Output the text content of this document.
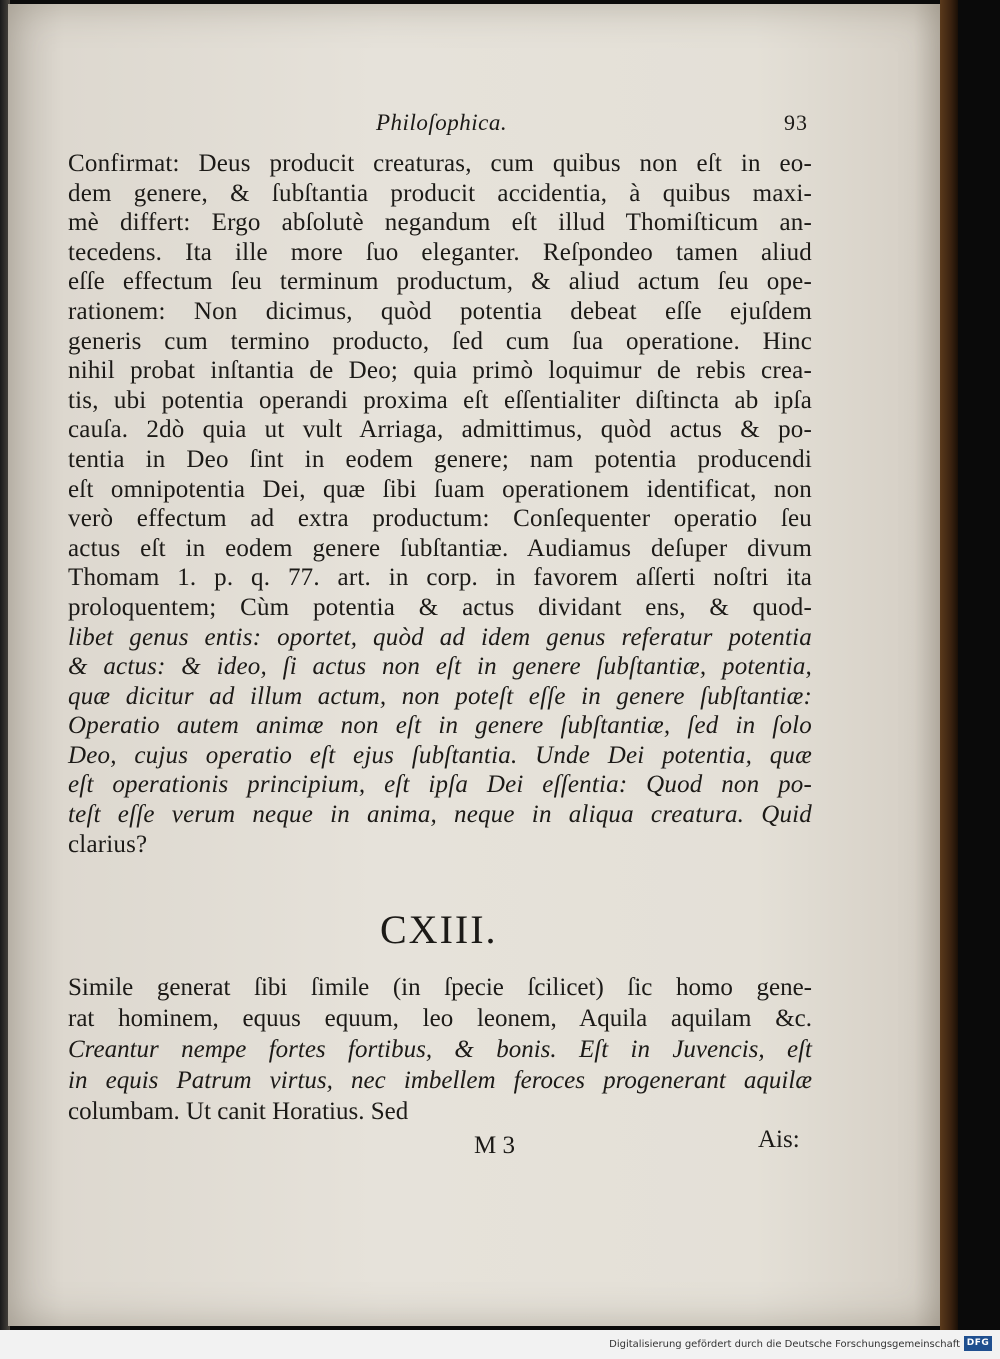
Philoſophica.	93
Confirmat: Deus producit creaturas, cum quibus non eſt in eo-
dem genere, & ſubſtantia producit accidentia, à quibus maxi-
mè differt: Ergo abſolutè negandum eſt illud Thomiſticum an-
tecedens. Ita ille more ſuo eleganter. Reſpondeo tamen aliud
eſſe effectum ſeu terminum productum, & aliud actum ſeu ope-
rationem: Non dicimus, quòd potentia debeat eſſe ejuſdem
generis cum termino producto, ſed cum ſua operatione. Hinc
nihil probat inſtantia de Deo; quia primò loquimur de rebis crea-
tis, ubi potentia operandi proxima eſt eſſentialiter diſtincta ab ipſa
cauſa. 2dò quia ut vult Arriaga, admittimus, quòd actus & po-
tentia in Deo ſint in eodem genere; nam potentia producendi
eſt omnipotentia Dei, quæ ſibi ſuam operationem identificat, non
verò effectum ad extra productum: Conſequenter operatio ſeu
actus eſt in eodem genere ſubſtantiæ. Audiamus deſuper divum
Thomam 1. p. q. 77. art. in corp. in favorem aſſerti noſtri ita
proloquentem; Cùm potentia & actus dividant ens, & quod-
libet genus entis: oportet, quòd ad idem genus referatur potentia
& actus: & ideo, ſi actus non eſt in genere ſubſtantiæ, potentia,
quæ dicitur ad illum actum, non poteſt eſſe in genere ſubſtantiæ:
Operatio autem animæ non eſt in genere ſubſtantiæ, ſed in ſolo
Deo, cujus operatio eſt ejus ſubſtantia. Unde Dei potentia, quæ
eſt operationis principium, eſt ipſa Dei eſſentia: Quod non po-
teſt eſſe verum neque in anima, neque in aliqua creatura. Quid
clarius?
CXIII.
Simile generat ſibi ſimile (in ſpecie ſcilicet) ſic homo gene-
rat hominem, equus equum, leo leonem, Aquila aquilam &c.
Creantur nempe fortes fortibus, & bonis. Eſt in Juvencis, eſt
in equis Patrum virtus, nec imbellem feroces progenerant aquilæ
columbam. Ut canit Horatius. Sed
M 3	Ais:
Digitalisierung gefördert durch die Deutsche Forschungsgemeinschaft DFG
